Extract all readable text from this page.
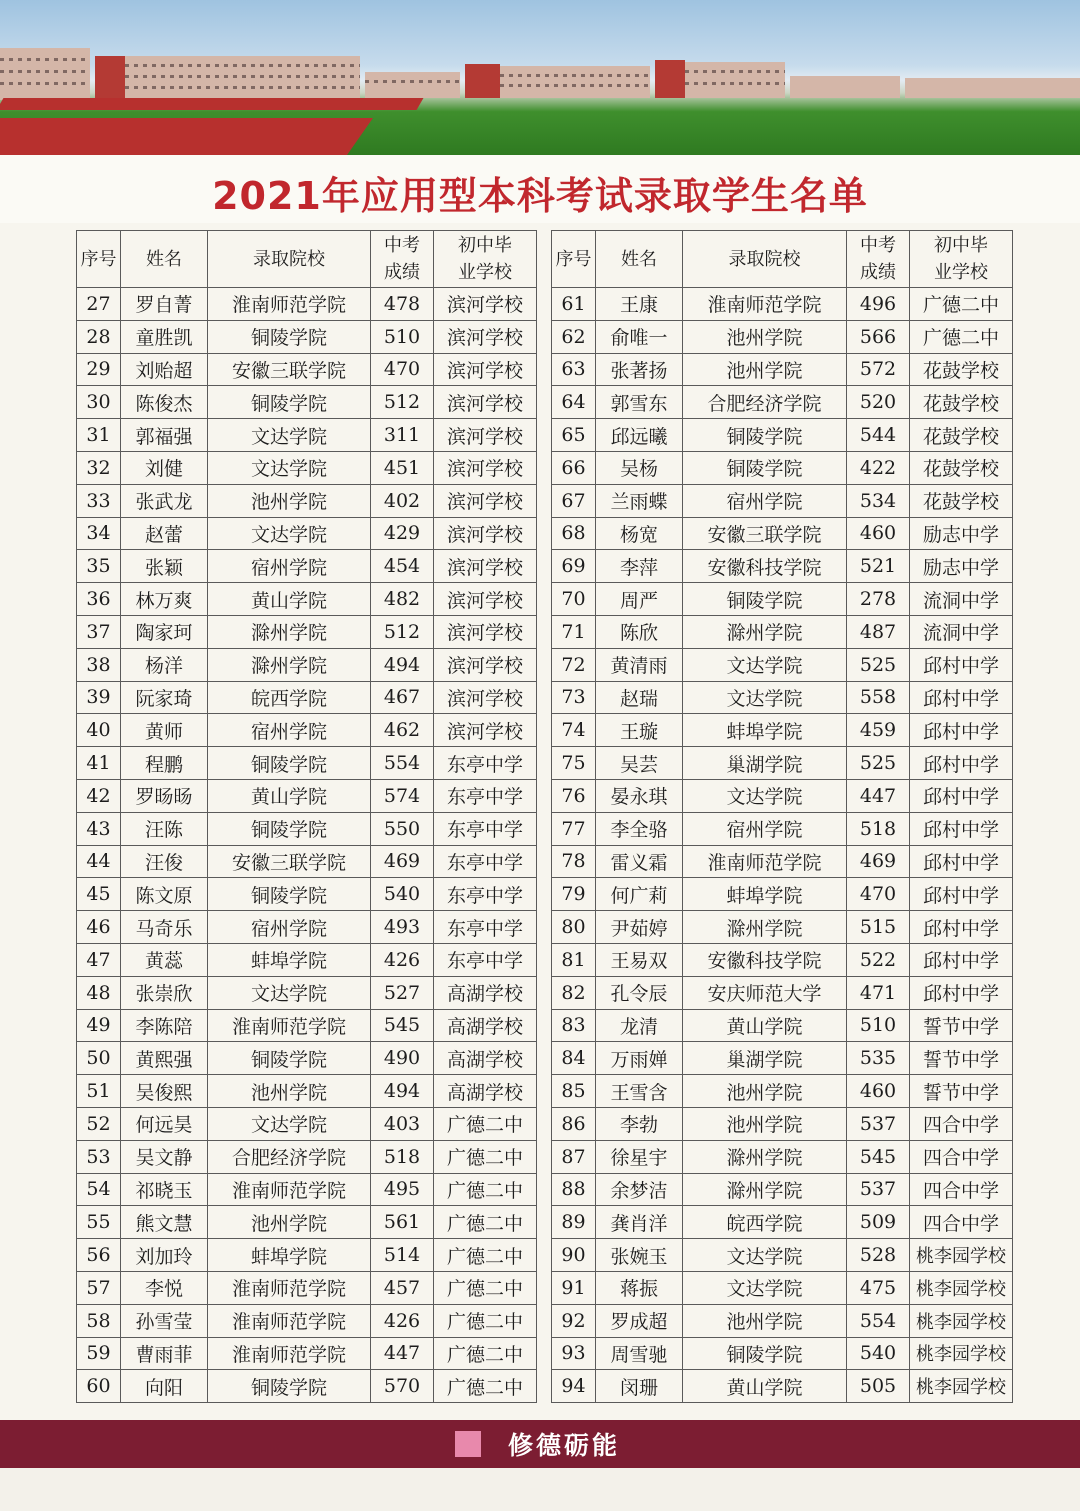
2021年应用型本科考试录取学生名单
序号	姓名	录取院校	中考
成绩	初中毕
业学校
27	罗自菁	淮南师范学院	478	滨河学校
28	童胜凯	铜陵学院	510	滨河学校
29	刘贻超	安徽三联学院	470	滨河学校
30	陈俊杰	铜陵学院	512	滨河学校
31	郭福强	文达学院	311	滨河学校
32	刘健	文达学院	451	滨河学校
33	张武龙	池州学院	402	滨河学校
34	赵蕾	文达学院	429	滨河学校
35	张颖	宿州学院	454	滨河学校
36	林万爽	黄山学院	482	滨河学校
37	陶家珂	滁州学院	512	滨河学校
38	杨洋	滁州学院	494	滨河学校
39	阮家琦	皖西学院	467	滨河学校
40	黄师	宿州学院	462	滨河学校
41	程鹏	铜陵学院	554	东亭中学
42	罗旸旸	黄山学院	574	东亭中学
43	汪陈	铜陵学院	550	东亭中学
44	汪俊	安徽三联学院	469	东亭中学
45	陈文原	铜陵学院	540	东亭中学
46	马奇乐	宿州学院	493	东亭中学
47	黄蕊	蚌埠学院	426	东亭中学
48	张崇欣	文达学院	527	高湖学校
49	李陈陪	淮南师范学院	545	高湖学校
50	黄熙强	铜陵学院	490	高湖学校
51	吴俊熙	池州学院	494	高湖学校
52	何远昊	文达学院	403	广德二中
53	吴文静	合肥经济学院	518	广德二中
54	祁晓玉	淮南师范学院	495	广德二中
55	熊文慧	池州学院	561	广德二中
56	刘加玲	蚌埠学院	514	广德二中
57	李悦	淮南师范学院	457	广德二中
58	孙雪莹	淮南师范学院	426	广德二中
59	曹雨菲	淮南师范学院	447	广德二中
60	向阳	铜陵学院	570	广德二中
序号	姓名	录取院校	中考
成绩	初中毕
业学校
61	王康	淮南师范学院	496	广德二中
62	俞唯一	池州学院	566	广德二中
63	张著扬	池州学院	572	花鼓学校
64	郭雪东	合肥经济学院	520	花鼓学校
65	邱远曦	铜陵学院	544	花鼓学校
66	吴杨	铜陵学院	422	花鼓学校
67	兰雨蝶	宿州学院	534	花鼓学校
68	杨宽	安徽三联学院	460	励志中学
69	李萍	安徽科技学院	521	励志中学
70	周严	铜陵学院	278	流洞中学
71	陈欣	滁州学院	487	流洞中学
72	黄清雨	文达学院	525	邱村中学
73	赵瑞	文达学院	558	邱村中学
74	王璇	蚌埠学院	459	邱村中学
75	吴芸	巢湖学院	525	邱村中学
76	晏永琪	文达学院	447	邱村中学
77	李全骆	宿州学院	518	邱村中学
78	雷义霜	淮南师范学院	469	邱村中学
79	何广莉	蚌埠学院	470	邱村中学
80	尹茹婷	滁州学院	515	邱村中学
81	王易双	安徽科技学院	522	邱村中学
82	孔令辰	安庆师范大学	471	邱村中学
83	龙清	黄山学院	510	誓节中学
84	万雨婵	巢湖学院	535	誓节中学
85	王雪含	池州学院	460	誓节中学
86	李勃	池州学院	537	四合中学
87	徐星宇	滁州学院	545	四合中学
88	余梦洁	滁州学院	537	四合中学
89	龚肖洋	皖西学院	509	四合中学
90	张婉玉	文达学院	528	桃李园学校
91	蒋振	文达学院	475	桃李园学校
92	罗成超	池州学院	554	桃李园学校
93	周雪驰	铜陵学院	540	桃李园学校
94	闵珊	黄山学院	505	桃李园学校
修德砺能
